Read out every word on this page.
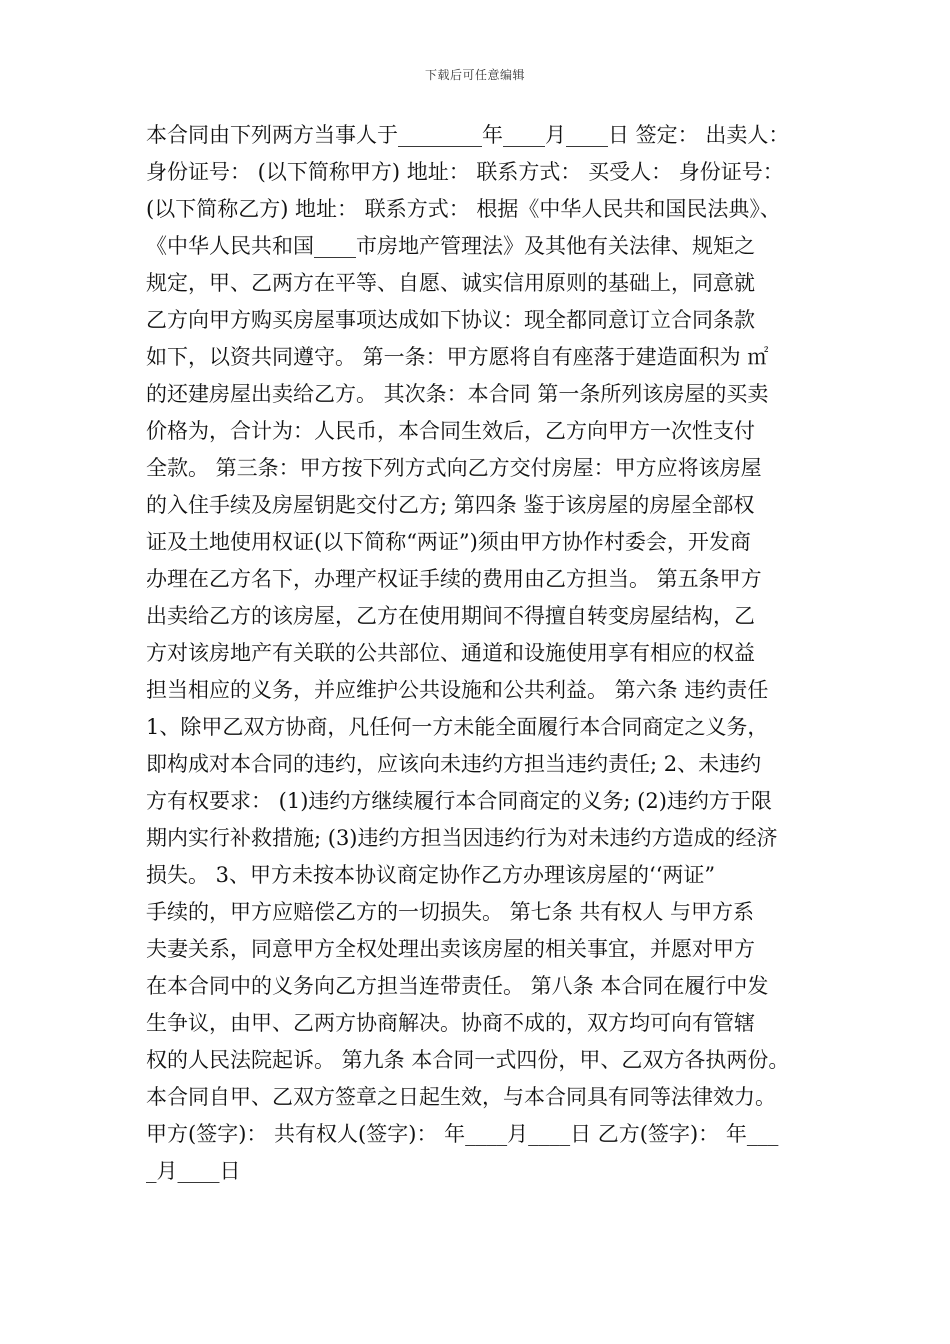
下载后可任意编辑
本合同由下列两方当事人于________年____月____日 签定： 出卖人：
身份证号： (以下简称甲方) 地址： 联系方式： 买受人： 身份证号：
(以下简称乙方) 地址： 联系方式： 根据《中华人民共和国民法典》、
《中华人民共和国____市房地产管理法》及其他有关法律、规矩之
规定，甲、乙两方在平等、自愿、诚实信用原则的基础上，同意就
乙方向甲方购买房屋事项达成如下协议：现全都同意订立合同条款
如下，以资共同遵守。 第一条：甲方愿将自有座落于建造面积为 ㎡
的还建房屋出卖给乙方。 其次条：本合同 第一条所列该房屋的买卖
价格为，合计为：人民币，本合同生效后，乙方向甲方一次性支付
全款。 第三条：甲方按下列方式向乙方交付房屋：甲方应将该房屋
的入住手续及房屋钥匙交付乙方; 第四条 鉴于该房屋的房屋全部权
证及土地使用权证(以下简称“两证”)须由甲方协作村委会，开发商
办理在乙方名下，办理产权证手续的费用由乙方担当。 第五条甲方
出卖给乙方的该房屋，乙方在使用期间不得擅自转变房屋结构，乙
方对该房地产有关联的公共部位、通道和设施使用享有相应的权益
担当相应的义务，并应维护公共设施和公共利益。 第六条 违约责任
1、除甲乙双方协商，凡任何一方未能全面履行本合同商定之义务，
即构成对本合同的违约，应该向未违约方担当违约责任; 2、未违约
方有权要求： (1)违约方继续履行本合同商定的义务; (2)违约方于限
期内实行补救措施; (3)违约方担当因违约行为对未违约方造成的经济
损失。 3、甲方未按本协议商定协作乙方办理该房屋的‘‘两证”
手续的，甲方应赔偿乙方的一切损失。 第七条 共有权人 与甲方系
夫妻关系，同意甲方全权处理出卖该房屋的相关事宜，并愿对甲方
在本合同中的义务向乙方担当连带责任。 第八条 本合同在履行中发
生争议，由甲、乙两方协商解决。协商不成的，双方均可向有管辖
权的人民法院起诉。 第九条 本合同一式四份，甲、乙双方各执两份。
本合同自甲、乙双方签章之日起生效，与本合同具有同等法律效力。
甲方(签字)： 共有权人(签字)： 年____月____日 乙方(签字)： 年___
_月____日
